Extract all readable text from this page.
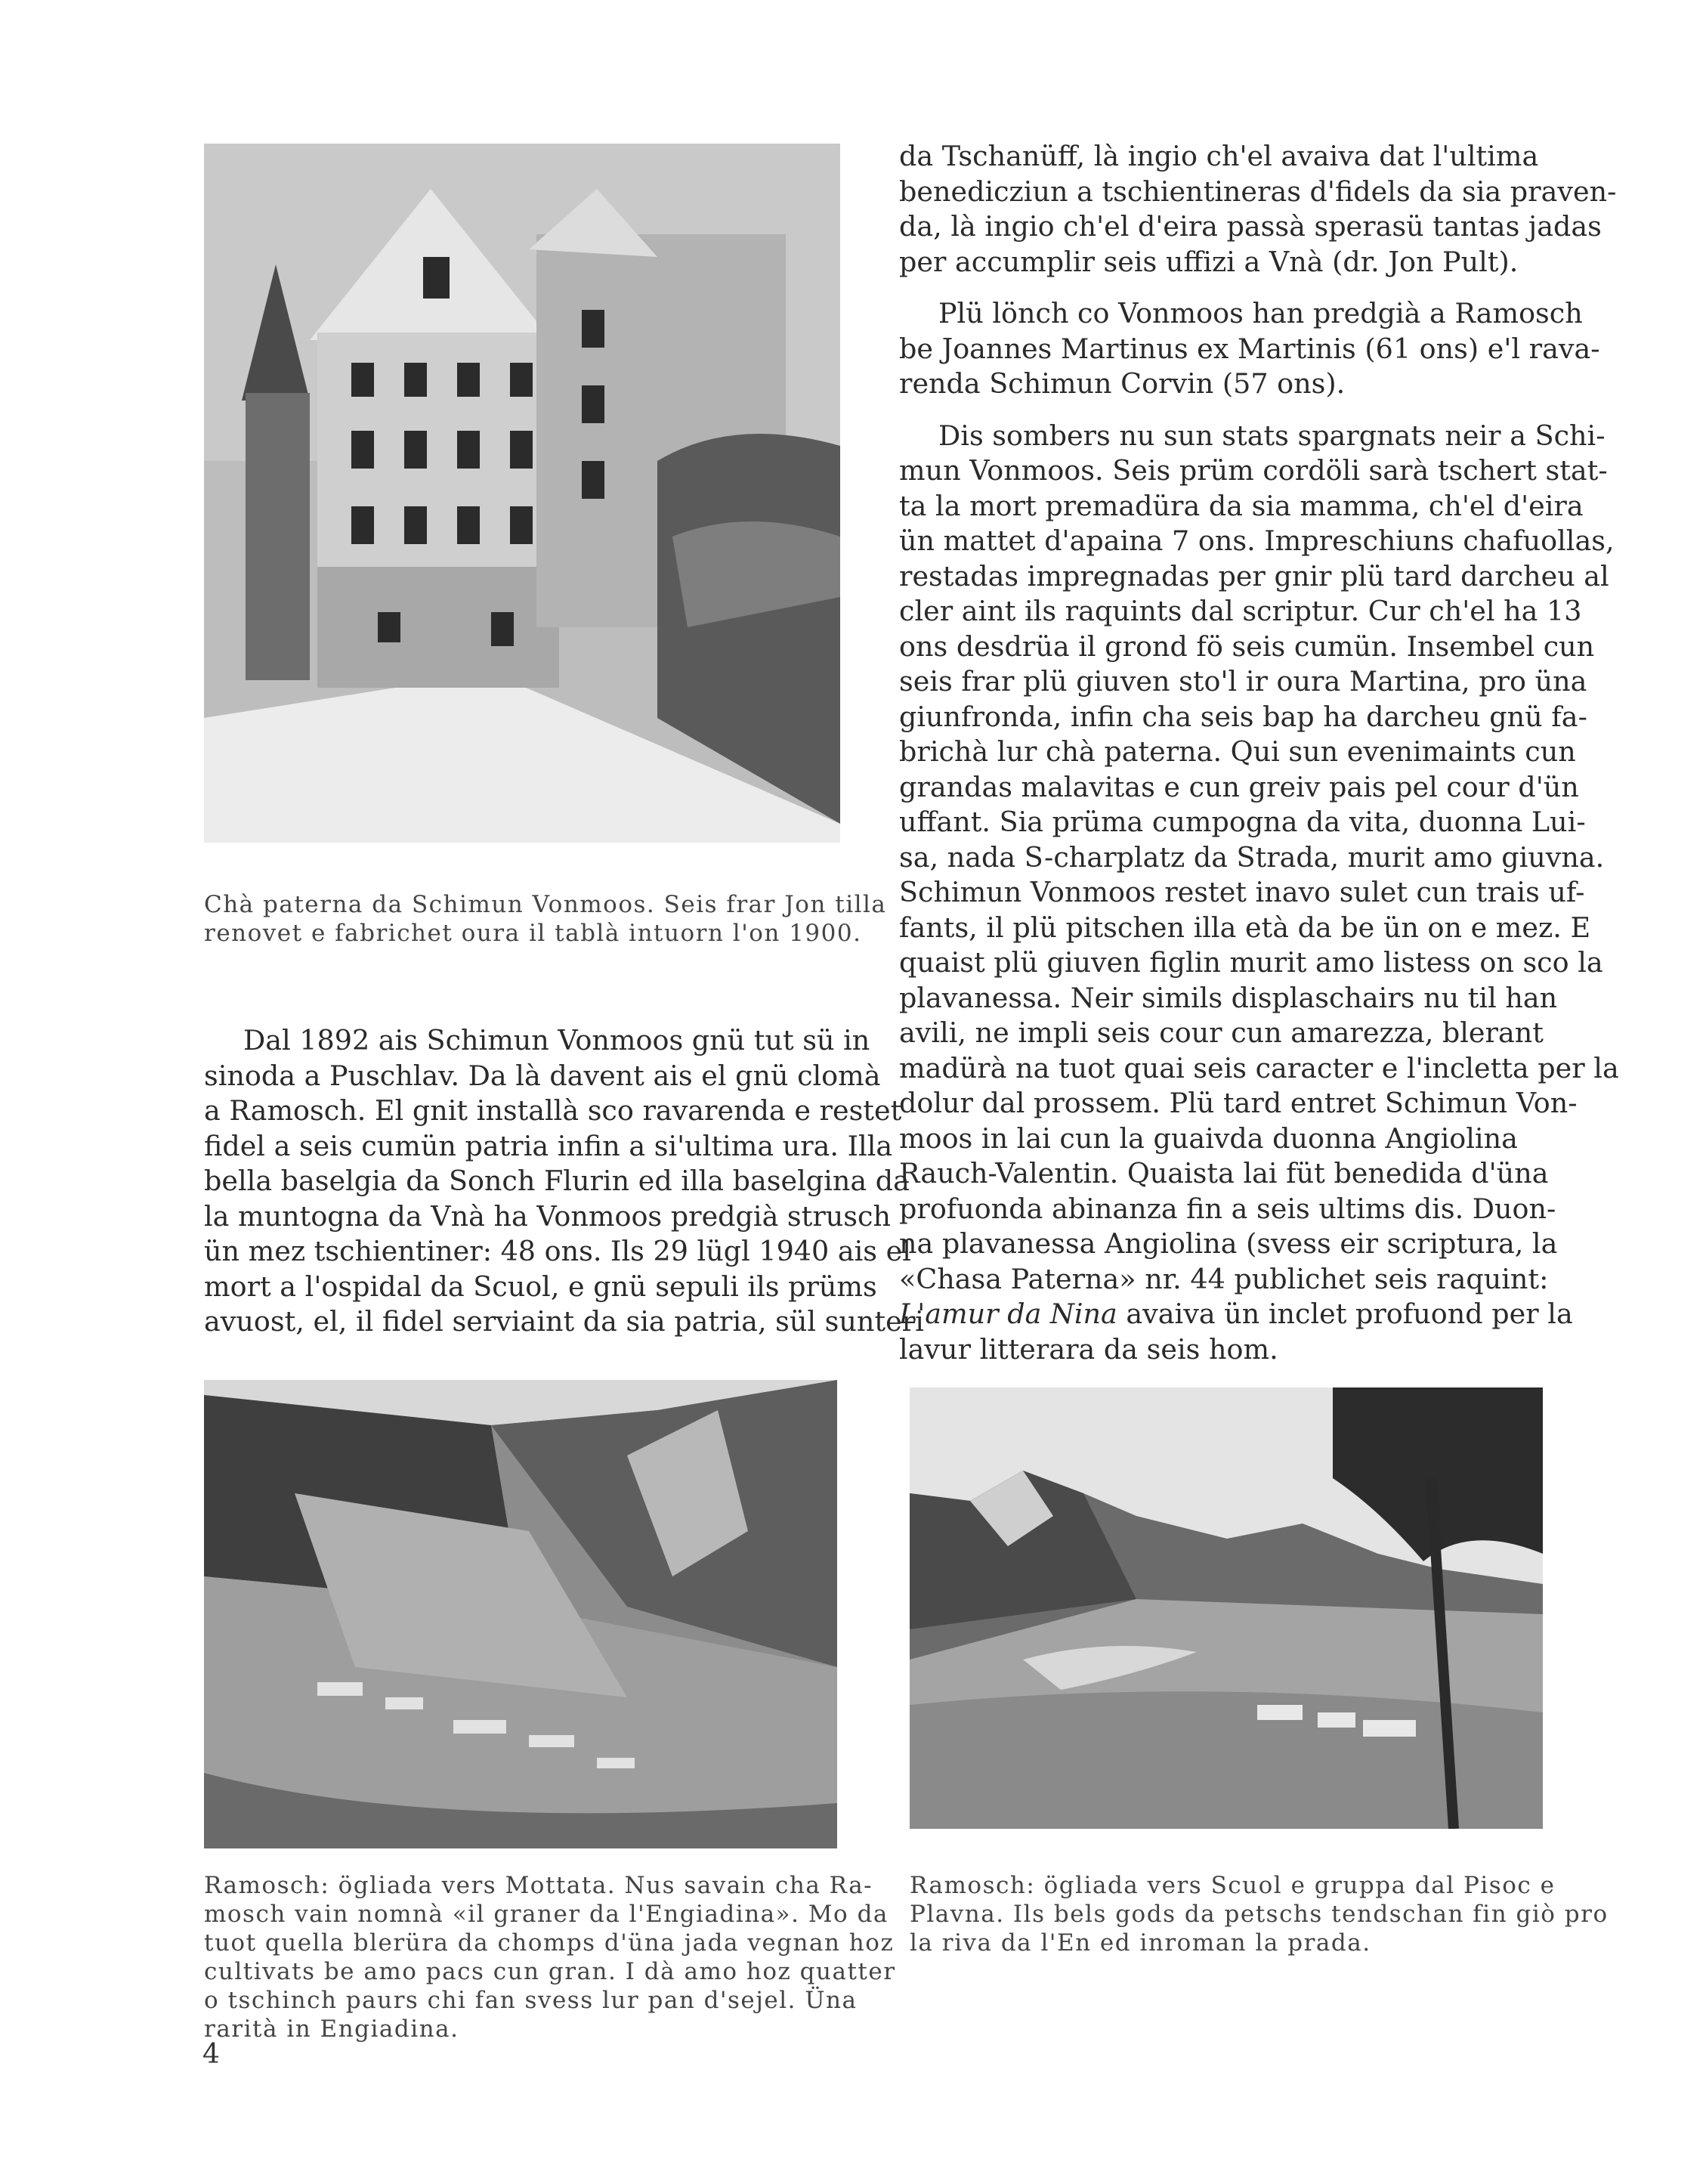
Chà paterna da Schimun Vonmoos. Seis frar Jon tilla
renovet e fabrichet oura il tablà intuorn l'on 1900.
Dal 1892 ais Schimun Vonmoos gnü tut sü in
sinoda a Puschlav. Da là davent ais el gnü clomà
a Ramosch. El gnit installà sco ravarenda e restet
fidel a seis cumün patria infin a si'ultima ura. Illa
bella baselgia da Sonch Flurin ed illa baselgina da
la muntogna da Vnà ha Vonmoos predgià strusch
ün mez tschientiner: 48 ons. Ils 29 lügl 1940 ais el
mort a l'ospidal da Scuol, e gnü sepuli ils prüms
avuost, el, il fidel serviaint da sia patria, sül sunteri
da Tschanüff, là ingio ch'el avaiva dat l'ultima
benedicziun a tschientineras d'fidels da sia praven-
da, là ingio ch'el d'eira passà sperasü tantas jadas
per accumplir seis uffizi a Vnà (dr. Jon Pult).
Plü lönch co Vonmoos han predgià a Ramosch
be Joannes Martinus ex Martinis (61 ons) e'l rava-
renda Schimun Corvin (57 ons).
Dis sombers nu sun stats spargnats neir a Schi-
mun Vonmoos. Seis prüm cordöli sarà tschert stat-
ta la mort premadüra da sia mamma, ch'el d'eira
ün mattet d'apaina 7 ons. Impreschiuns chafuollas,
restadas impregnadas per gnir plü tard darcheu al
cler aint ils raquints dal scriptur. Cur ch'el ha 13
ons desdrüa il grond fö seis cumün. Insembel cun
seis frar plü giuven sto'l ir oura Martina, pro üna
giunfronda, infin cha seis bap ha darcheu gnü fa-
brichà lur chà paterna. Qui sun evenimaints cun
grandas malavitas e cun greiv pais pel cour d'ün
uffant. Sia prüma cumpogna da vita, duonna Lui-
sa, nada S-charplatz da Strada, murit amo giuvna.
Schimun Vonmoos restet inavo sulet cun trais uf-
fants, il plü pitschen illa età da be ün on e mez. E
quaist plü giuven figlin murit amo listess on sco la
plavanessa. Neir simils displaschairs nu til han
avili, ne impli seis cour cun amarezza, blerant
madürà na tuot quai seis caracter e l'incletta per la
dolur dal prossem. Plü tard entret Schimun Von-
moos in lai cun la guaivda duonna Angiolina
Rauch-Valentin. Quaista lai füt benedida d'üna
profuonda abinanza fin a seis ultims dis. Duon-
na plavanessa Angiolina (svess eir scriptura, la
«Chasa Paterna» nr. 44 publichet seis raquint:
L'amur da Nina avaiva ün inclet profuond per la
lavur litterara da seis hom.
Ramosch: ögliada vers Mottata. Nus savain cha Ra-
mosch vain nomnà «il graner da l'Engiadina». Mo da
tuot quella blerüra da chomps d'üna jada vegnan hoz
cultivats be amo pacs cun gran. I dà amo hoz quatter
o tschinch paurs chi fan svess lur pan d'sejel. Üna
rarità in Engiadina.
Ramosch: ögliada vers Scuol e gruppa dal Pisoc e
Plavna. Ils bels gods da petschs tendschan fin giò pro
la riva da l'En ed inroman la prada.
4
